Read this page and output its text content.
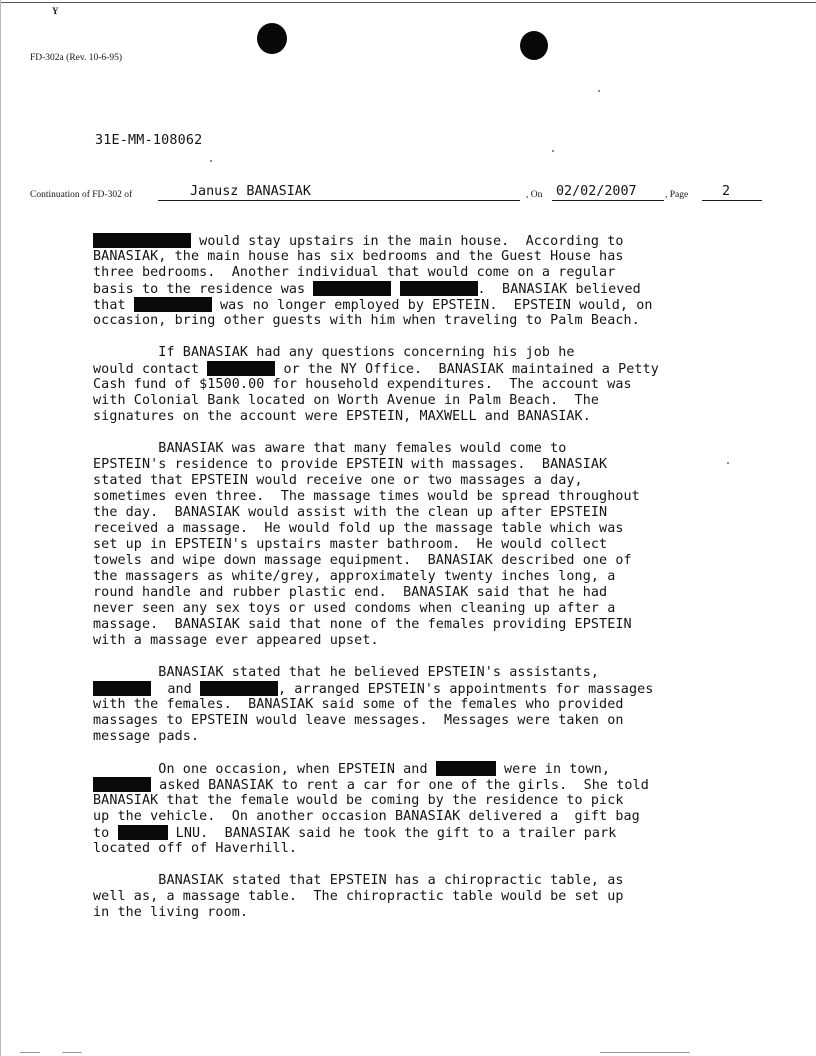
Y
FD-302a (Rev. 10-6-95)
31E-MM-108062
Continuation of FD-302 of	Janusz BANASIAK	, On 02/02/2007	, Page	2
would stay upstairs in the main house.  According to
BANASIAK, the main house has six bedrooms and the Guest House has
three bedrooms.  Another individual that would come on a regular
basis to the residence was	.  BANASIAK believed
that	was no longer employed by EPSTEIN.  EPSTEIN would, on
occasion, bring other guests with him when traveling to Palm Beach.
If BANASIAK had any questions concerning his job he
would contact	or the NY Office.  BANASIAK maintained a Petty
Cash fund of $1500.00 for household expenditures.  The account was
with Colonial Bank located on Worth Avenue in Palm Beach.  The
signatures on the account were EPSTEIN, MAXWELL and BANASIAK.
BANASIAK was aware that many females would come to
EPSTEIN's residence to provide EPSTEIN with massages.  BANASIAK
stated that EPSTEIN would receive one or two massages a day,
sometimes even three.  The massage times would be spread throughout
the day.  BANASIAK would assist with the clean up after EPSTEIN
received a massage.  He would fold up the massage table which was
set up in EPSTEIN's upstairs master bathroom.  He would collect
towels and wipe down massage equipment.  BANASIAK described one of
the massagers as white/grey, approximately twenty inches long, a
round handle and rubber plastic end.  BANASIAK said that he had
never seen any sex toys or used condoms when cleaning up after a
massage.  BANASIAK said that none of the females providing EPSTEIN
with a massage ever appeared upset.
BANASIAK stated that he believed EPSTEIN's assistants,
and	, arranged EPSTEIN's appointments for massages
with the females.  BANASIAK said some of the females who provided
massages to EPSTEIN would leave messages.  Messages were taken on
message pads.
On one occasion, when EPSTEIN and	were in town,
asked BANASIAK to rent a car for one of the girls.  She told
BANASIAK that the female would be coming by the residence to pick
up the vehicle.  On another occasion BANASIAK delivered a  gift bag
to	LNU.  BANASIAK said he took the gift to a trailer park
located off of Haverhill.
BANASIAK stated that EPSTEIN has a chiropractic table, as
well as, a massage table.  The chiropractic table would be set up
in the living room.
